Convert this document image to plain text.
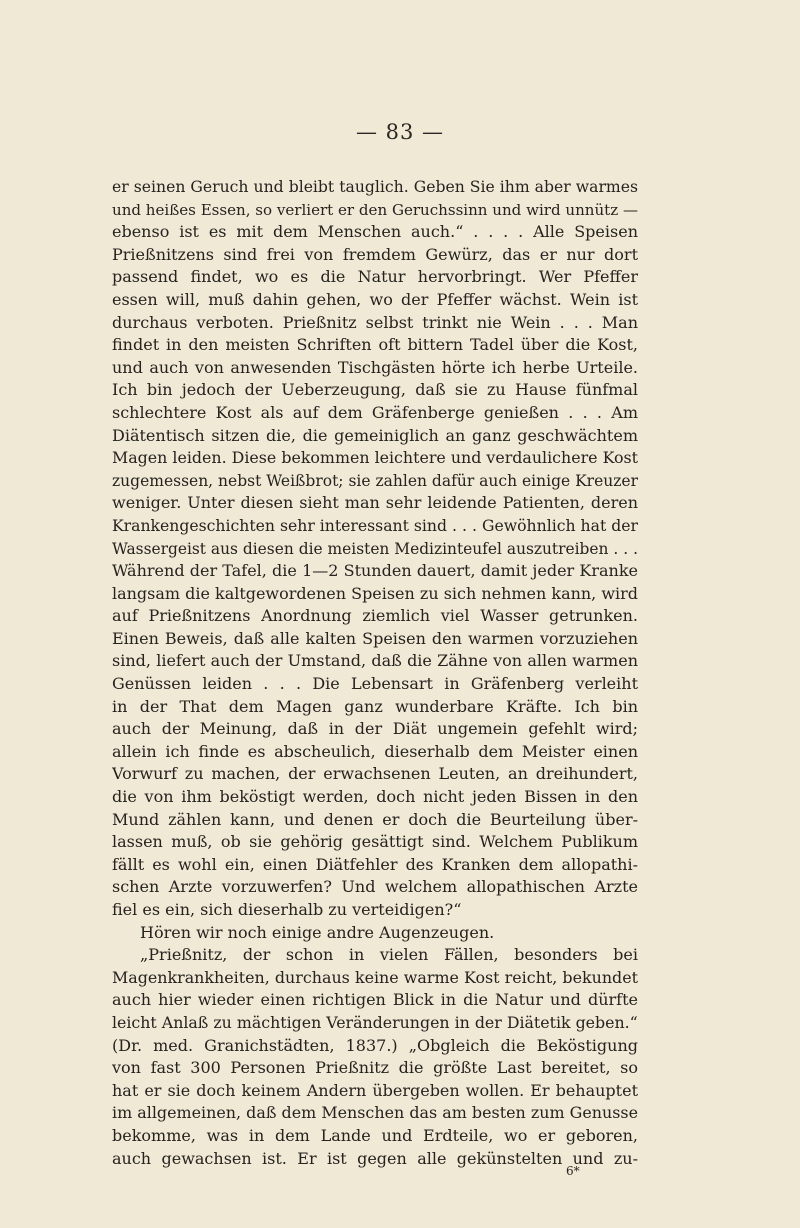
— 83 —
er seinen Geruch und bleibt tauglich. Geben Sie ihm aber warmes
und heißes Essen, so verliert er den Geruchssinn und wird unnütz —
ebenso ist es mit dem Menschen auch.“ . . . . Alle Speisen
Prießnitzens sind frei von fremdem Gewürz, das er nur dort
passend findet, wo es die Natur hervorbringt. Wer Pfeffer
essen will, muß dahin gehen, wo der Pfeffer wächst. Wein ist
durchaus verboten. Prießnitz selbst trinkt nie Wein . . . Man
findet in den meisten Schriften oft bittern Tadel über die Kost,
und auch von anwesenden Tischgästen hörte ich herbe Urteile.
Ich bin jedoch der Ueberzeugung, daß sie zu Hause fünfmal
schlechtere Kost als auf dem Gräfenberge genießen . . . Am
Diätentisch sitzen die, die gemeiniglich an ganz geschwächtem
Magen leiden. Diese bekommen leichtere und verdaulichere Kost
zugemessen, nebst Weißbrot; sie zahlen dafür auch einige Kreuzer
weniger. Unter diesen sieht man sehr leidende Patienten, deren
Krankengeschichten sehr interessant sind . . . Gewöhnlich hat der
Wassergeist aus diesen die meisten Medizinteufel auszutreiben . . .
Während der Tafel, die 1—2 Stunden dauert, damit jeder Kranke
langsam die kaltgewordenen Speisen zu sich nehmen kann, wird
auf Prießnitzens Anordnung ziemlich viel Wasser getrunken.
Einen Beweis, daß alle kalten Speisen den warmen vorzuziehen
sind, liefert auch der Umstand, daß die Zähne von allen warmen
Genüssen leiden . . . Die Lebensart in Gräfenberg verleiht
in der That dem Magen ganz wunderbare Kräfte. Ich bin
auch der Meinung, daß in der Diät ungemein gefehlt wird;
allein ich finde es abscheulich, dieserhalb dem Meister einen
Vorwurf zu machen, der erwachsenen Leuten, an dreihundert,
die von ihm beköstigt werden, doch nicht jeden Bissen in den
Mund zählen kann, und denen er doch die Beurteilung über-
lassen muß, ob sie gehörig gesättigt sind. Welchem Publikum
fällt es wohl ein, einen Diätfehler des Kranken dem allopathi-
schen Arzte vorzuwerfen? Und welchem allopathischen Arzte
fiel es ein, sich dieserhalb zu verteidigen?“
Hören wir noch einige andre Augenzeugen.
„Prießnitz, der schon in vielen Fällen, besonders bei
Magenkrankheiten, durchaus keine warme Kost reicht, bekundet
auch hier wieder einen richtigen Blick in die Natur und dürfte
leicht Anlaß zu mächtigen Veränderungen in der Diätetik geben.“
(Dr. med. Granichstädten, 1837.) „Obgleich die Beköstigung
von fast 300 Personen Prießnitz die größte Last bereitet, so
hat er sie doch keinem Andern übergeben wollen. Er behauptet
im allgemeinen, daß dem Menschen das am besten zum Genusse
bekomme, was in dem Lande und Erdteile, wo er geboren,
auch gewachsen ist. Er ist gegen alle gekünstelten und zu-
6*
